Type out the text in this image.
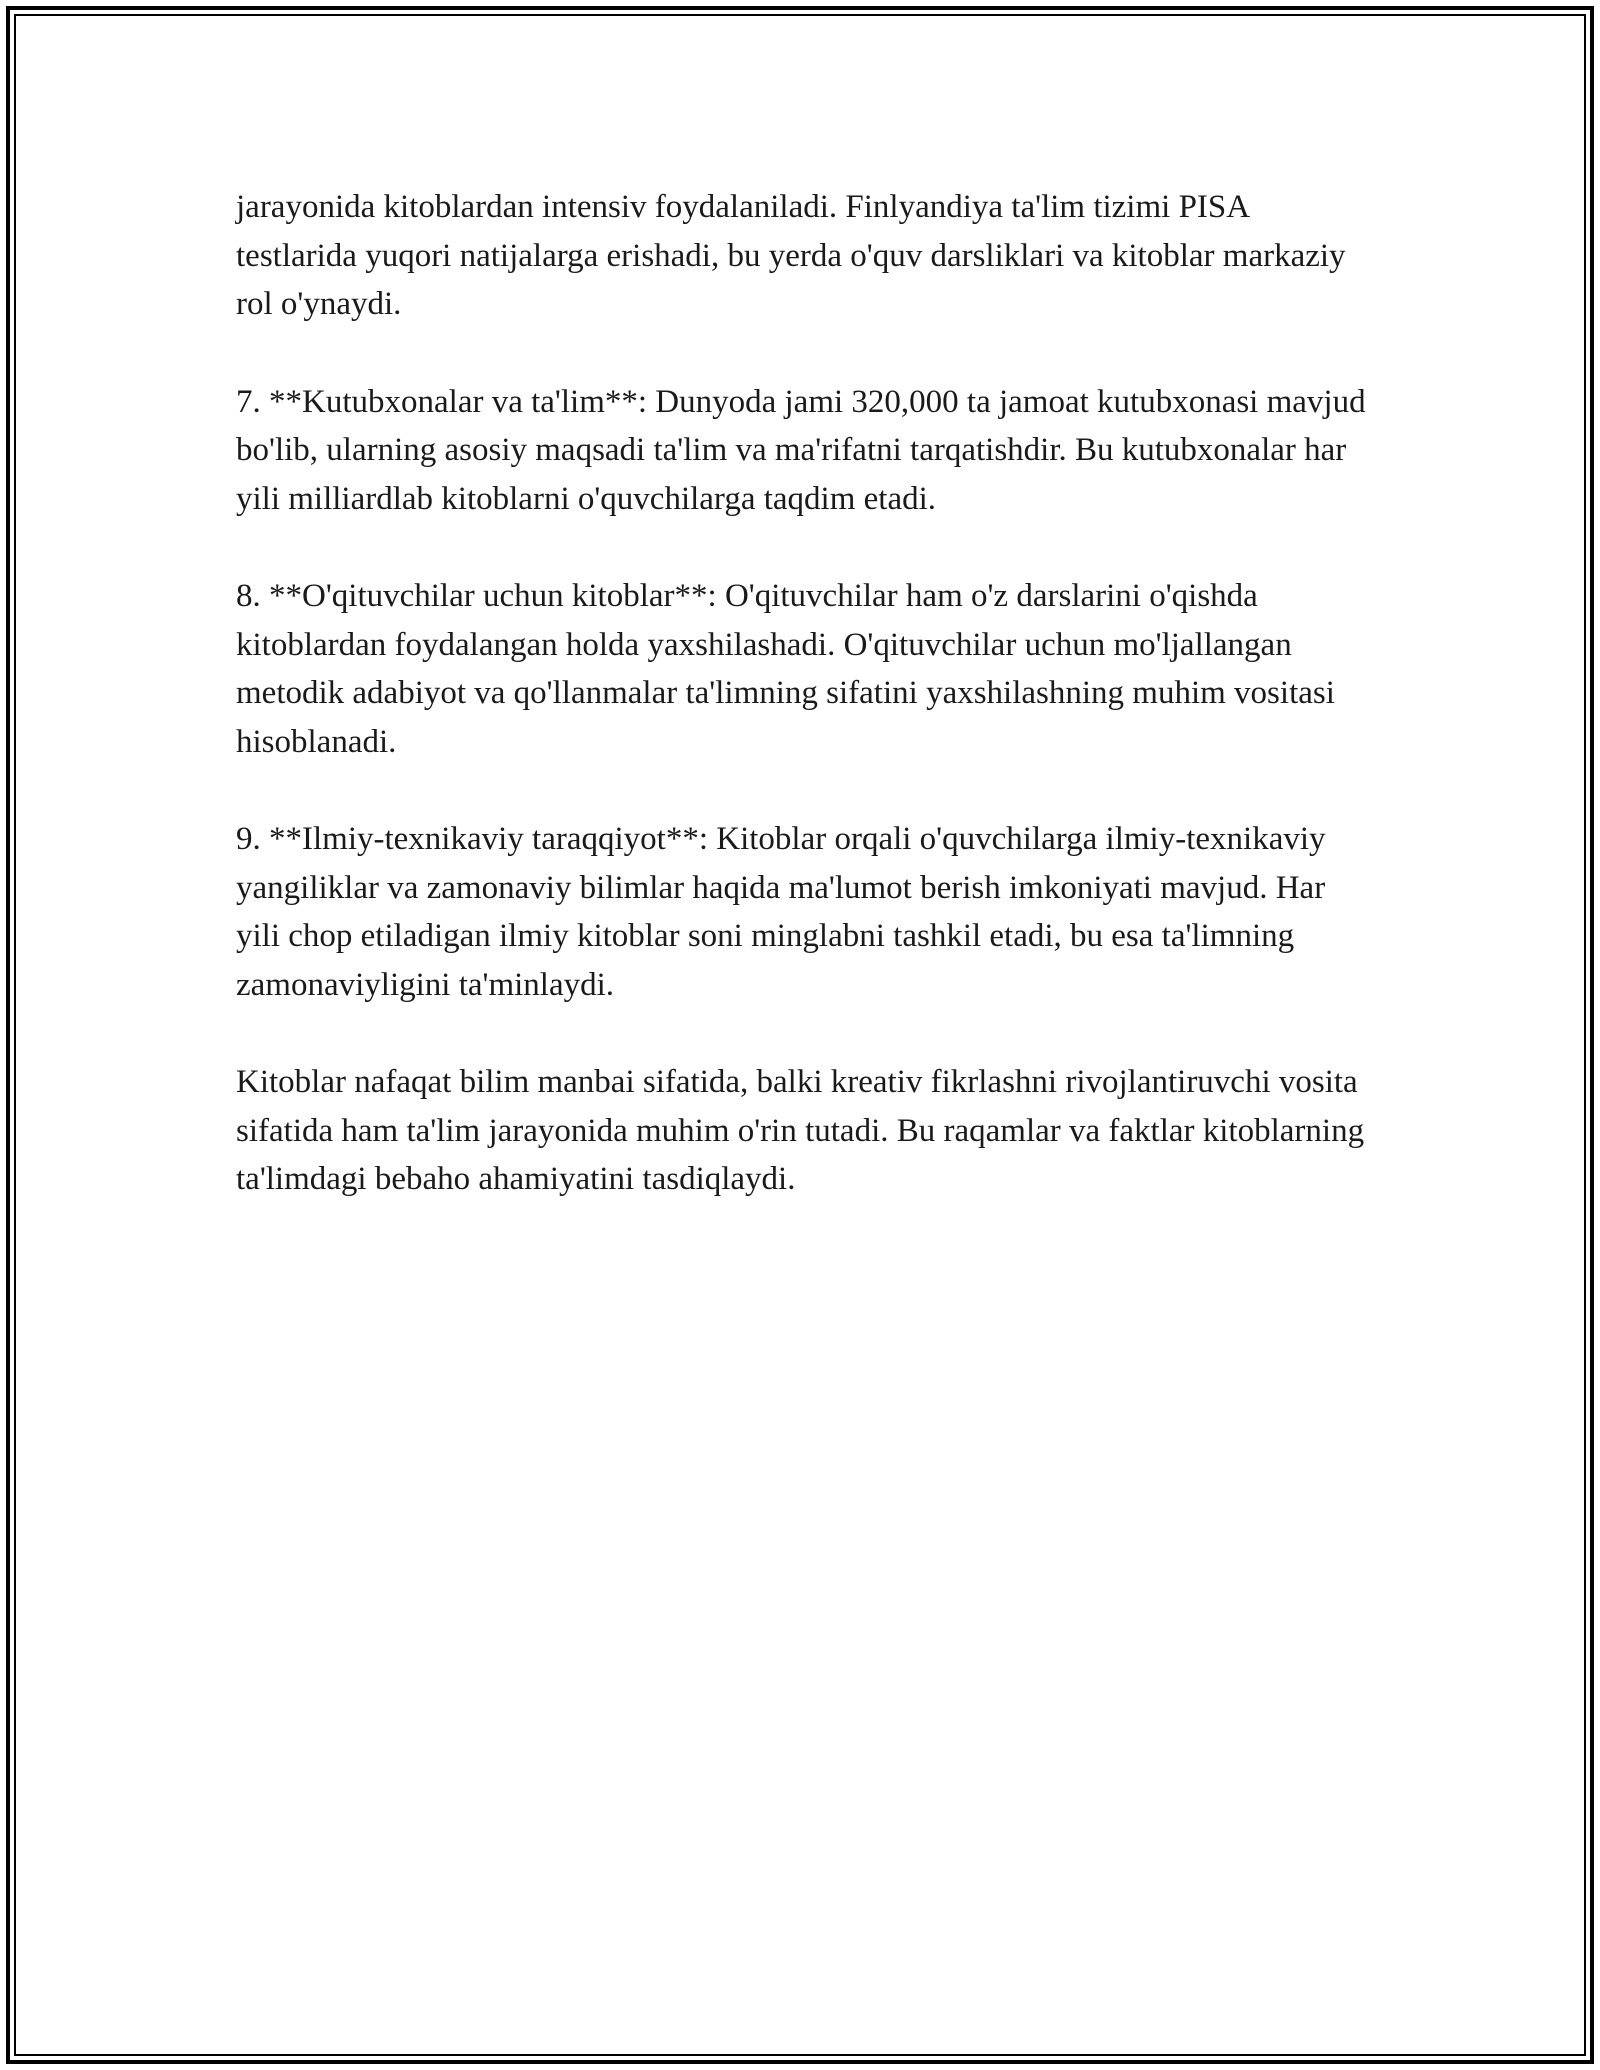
jarayonida kitoblardan intensiv foydalaniladi. Finlyandiya ta'lim tizimi PISA testlarida yuqori natijalarga erishadi, bu yerda o'quv darsliklari va kitoblar markaziy rol o'ynaydi.

7. **Kutubxonalar va ta'lim**: Dunyoda jami 320,000 ta jamoat kutubxonasi mavjud bo'lib, ularning asosiy maqsadi ta'lim va ma'rifatni tarqatishdir. Bu kutubxonalar har yili milliardlab kitoblarni o'quvchilarga taqdim etadi.

8. **O'qituvchilar uchun kitoblar**: O'qituvchilar ham o'z darslarini o'qishda kitoblardan foydalangan holda yaxshilashadi. O'qituvchilar uchun mo'ljallangan metodik adabiyot va qo'llanmalar ta'limning sifatini yaxshilashning muhim vositasi hisoblanadi.

9. **Ilmiy-texnikaviy taraqqiyot**: Kitoblar orqali o'quvchilarga ilmiy-texnikaviy yangiliklar va zamonaviy bilimlar haqida ma'lumot berish imkoniyati mavjud. Har yili chop etiladigan ilmiy kitoblar soni minglabni tashkil etadi, bu esa ta'limning zamonaviyligini ta'minlaydi.

Kitoblar nafaqat bilim manbai sifatida, balki kreativ fikrlashni rivojlantiruvchi vosita sifatida ham ta'lim jarayonida muhim o'rin tutadi. Bu raqamlar va faktlar kitoblarning ta'limdagi bebaho ahamiyatini tasdiqlaydi.
